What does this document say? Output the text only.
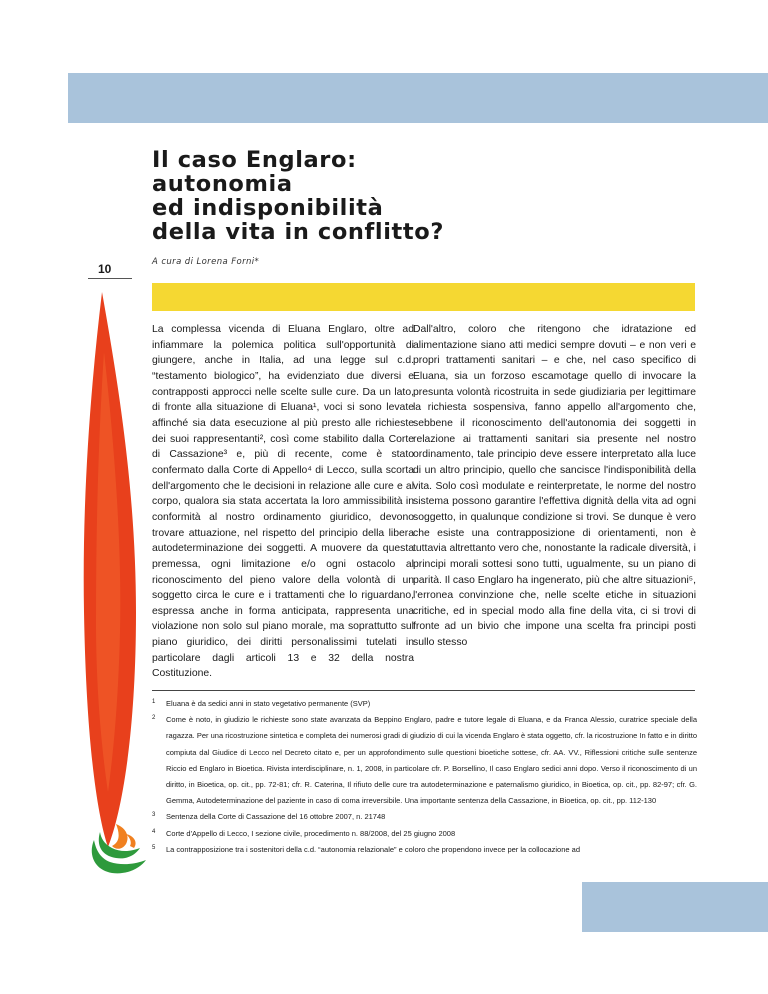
10
Il caso Englaro:
autonomia
ed indisponibilità
della vita in conflitto?
A cura di Lorena Forni*

La complessa vicenda di Eluana Englaro, oltre ad infiammare la polemica politica sull'opportunità di giungere, anche in Italia, ad una legge sul c.d. “testamento biologico”, ha evidenziato due diversi e contrapposti approcci nelle scelte sulle cure. Da un lato, di fronte alla situazione di Eluana¹, voci si sono levate affinché sia data esecuzione al più presto alle richieste dei suoi rappresentanti², così come stabilito dalla Corte di Cassazione³ e, più di recente, come è stato confermato dalla Corte di Appello⁴ di Lecco, sulla scorta dell'argomento che le decisioni in relazione alle cure e al corpo, qualora sia stata accertata la loro ammissibilità in conformità al nostro ordinamento giuridico, devono trovare attuazione, nel rispetto del principio della libera autodeterminazione dei soggetti. A muovere da questa premessa, ogni limitazione e/o ogni ostacolo al riconoscimento del pieno valore della volontà di un soggetto circa le cure e i trattamenti che lo riguardano, espressa anche in forma anticipata, rappresenta una violazione non solo sul piano morale, ma soprattutto sul piano giuridico, dei diritti personalissimi tutelati in particolare dagli articoli 13 e 32 della nostra Costituzione.

Dall'altro, coloro che ritengono che idratazione ed alimentazione siano atti medici sempre dovuti – e non veri e propri trattamenti sanitari – e che, nel caso specifico di Eluana, sia un forzoso escamotage quello di invocare la presunta volontà ricostruita in sede giudiziaria per legittimare la richiesta sospensiva, fanno appello all'argomento che, sebbene il riconoscimento dell'autonomia dei soggetti in relazione ai trattamenti sanitari sia presente nel nostro ordinamento, tale principio deve essere interpretato alla luce di un altro principio, quello che sancisce l'indisponibilità della vita. Solo così modulate e reinterpretate, le norme del nostro sistema possono garantire l'effettiva dignità della vita ad ogni soggetto, in qualunque condizione si trovi. Se dunque è vero che esiste una contrapposizione di orientamenti, non è tuttavia altrettanto vero che, nonostante la radicale diversità, i principi morali sottesi sono tutti, ugualmente, su un piano di parità. Il caso Englaro ha ingenerato, più che altre situazioni⁵, l'erronea convinzione che, nelle scelte etiche in situazioni critiche, ed in special modo alla fine della vita, ci si trovi di fronte ad un bivio che impone una scelta fra principi posti sullo stesso

1	Eluana è da sedici anni in stato vegetativo permanente (SVP)
2	Come è noto, in giudizio le richieste sono state avanzata da Beppino Englaro, padre e tutore legale di Eluana, e da Franca Alessio, curatrice speciale della ragazza. Per una ricostruzione sintetica e completa dei numerosi gradi di giudizio di cui la vicenda Englaro è stata oggetto, cfr. la ricostruzione In fatto e in diritto compiuta dal Giudice di Lecco nel Decreto citato e, per un approfondimento sulle questioni bioetiche sottese, cfr. AA. VV., Riflessioni critiche sulle sentenze Riccio ed Englaro in Bioetica. Rivista interdisciplinare, n. 1, 2008, in particolare cfr. P. Borsellino, Il caso Englaro sedici anni dopo. Verso il riconoscimento di un diritto, in Bioetica, op. cit., pp. 72-81; cfr. R. Caterina, Il rifiuto delle cure tra autodeterminazione e paternalismo giuridico, in Bioetica, op. cit., pp. 82-97; cfr. G. Gemma, Autodeterminazione del paziente in caso di coma irreversibile. Una importante sentenza della Cassazione, in Bioetica, op. cit., pp. 112-130
3	Sentenza della Corte di Cassazione del 16 ottobre 2007, n. 21748
4	Corte d'Appello di Lecco, I sezione civile, procedimento n. 88/2008, del 25 giugno 2008
5	La contrapposizione tra i sostenitori della c.d. “autonomia relazionale” e coloro che propendono invece per la collocazione ad
